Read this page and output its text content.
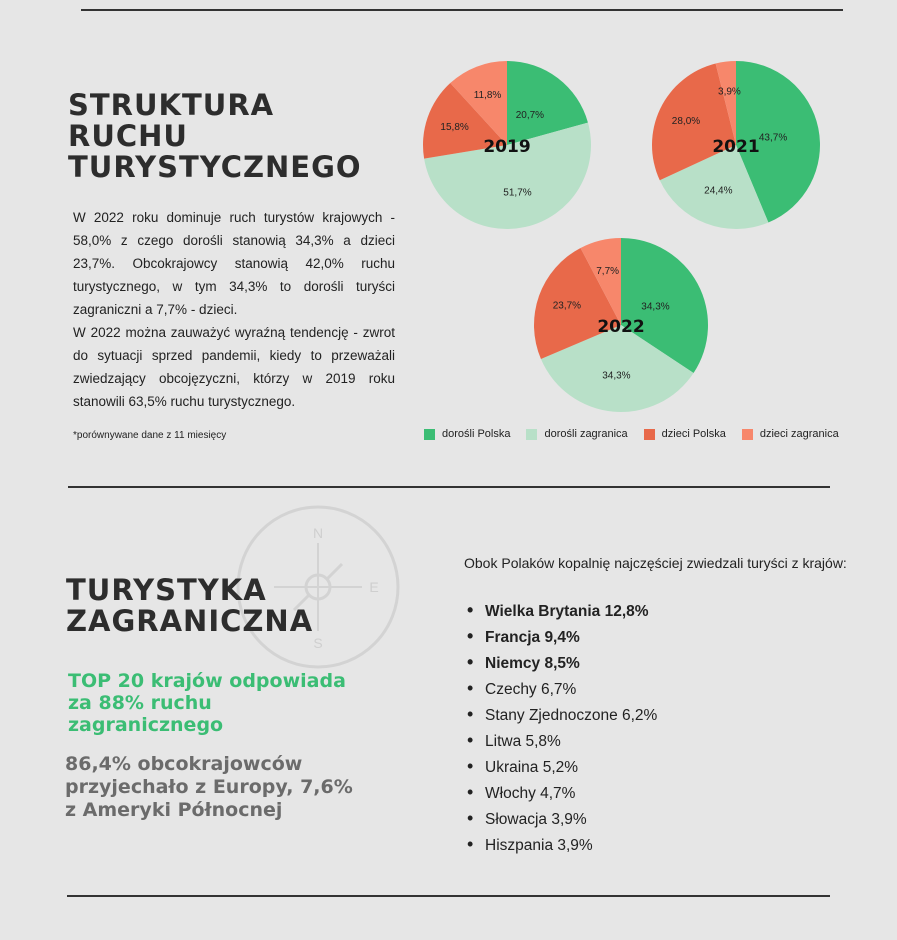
STRUKTURA
RUCHU
TURYSTYCZNEGO

W 2022 roku dominuje ruch turystów krajowych - 58,0% z czego dorośli stanowią 34,3% a dzieci 23,7%. Obcokrajowcy stanowią 42,0% ruchu turystycznego, w tym 34,3% to dorośli turyści zagraniczni a 7,7% - dzieci.

W 2022 można zauważyć wyraźną tendencję - zwrot do sytuacji sprzed pandemii, kiedy to przeważali zwiedzający obcojęzyczni, którzy w 2019 roku stanowili 63,5% ruchu turystycznego.

*porównywane dane z 11 miesięcy
20,7%
51,7%
15,8%
11,8%
2019	43,7%
24,4%
28,0%
3,9%
2021
34,3%
34,3%
23,7%
7,7%
2022
dorośli Polska	dorośli zagranica	dzieci Polska	dzieci zagranica
N
E
S
TURYSTYKA
ZAGRANICZNA

TOP 20 krajów odpowiada za 88% ruchu zagranicznego

86,4% obcokrajowców przyjechało z Europy, 7,6% z Ameryki Północnej

Obok Polaków kopalnię najczęściej zwiedzali turyści z krajów:
• Wielka Brytania 12,8%
• Francja 9,4%
• Niemcy 8,5%
• Czechy 6,7%
• Stany Zjednoczone 6,2%
• Litwa 5,8%
• Ukraina 5,2%
• Włochy 4,7%
• Słowacja 3,9%
• Hiszpania 3,9%
